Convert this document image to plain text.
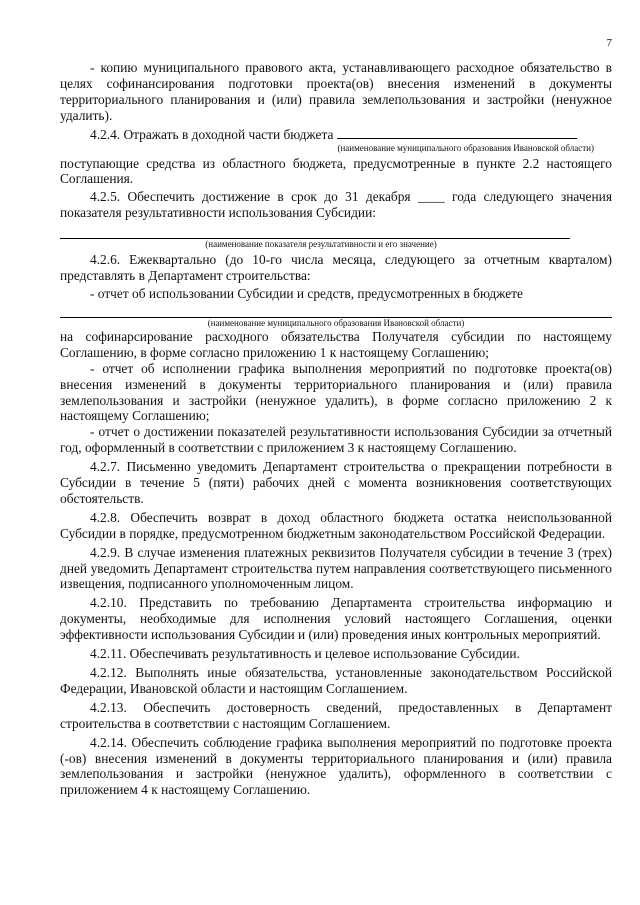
7

- копию муниципального правового акта, устанавливающего расходное обязательство в целях софинансирования подготовки проекта(ов) внесения изменений в документы территориального планирования и (или) правила землепользования и застройки (ненужное удалить).

4.2.4. Отражать в доходной части бюджета

(наименование муниципального образования Ивановской области)

поступающие средства из областного бюджета, предусмотренные в пункте 2.2 настоящего Соглашения.

4.2.5. Обеспечить достижение в срок до 31 декабря ____ года следующего значения показателя результативности использования Субсидии:

(наименование показателя результативности и его значение)

4.2.6. Ежеквартально (до 10-го числа месяца, следующего за отчетным кварталом) представлять в Департамент строительства:

- отчет об использовании Субсидии и средств, предусмотренных в бюджете

(наименование муниципального образования Ивановской области)

на софинарсирование расходного обязательства Получателя субсидии по настоящему Соглашению, в форме согласно приложению 1 к настоящему Соглашению;

- отчет об исполнении графика выполнения мероприятий по подготовке проекта(ов) внесения изменений в документы территориального планирования и (или) правила землепользования и застройки (ненужное удалить), в форме согласно приложению 2 к настоящему Соглашению;

- отчет о достижении показателей результативности использования Субсидии за отчетный год, оформленный в соответствии с приложением 3 к настоящему Соглашению.

4.2.7. Письменно уведомить Департамент строительства о прекращении потребности в Субсидии в течение 5 (пяти) рабочих дней с момента возникновения соответствующих обстоятельств.

4.2.8. Обеспечить возврат в доход областного бюджета остатка неиспользованной Субсидии в порядке, предусмотренном бюджетным законодательством Российской Федерации.

4.2.9. В случае изменения платежных реквизитов Получателя субсидии в течение 3 (трех) дней уведомить Департамент строительства путем направления соответствующего письменного извещения, подписанного уполномоченным лицом.

4.2.10. Представить по требованию Департамента строительства информацию и документы, необходимые для исполнения условий настоящего Соглашения, оценки эффективности использования Субсидии и (или) проведения иных контрольных мероприятий.

4.2.11. Обеспечивать результативность и целевое использование Субсидии.

4.2.12. Выполнять иные обязательства, установленные законодательством Российской Федерации, Ивановской области и настоящим Соглашением.

4.2.13. Обеспечить достоверность сведений, предоставленных в Департамент строительства в соответствии с настоящим Соглашением.

4.2.14. Обеспечить соблюдение графика выполнения мероприятий по подготовке проекта (-ов) внесения изменений в документы территориального планирования и (или) правила землепользования и застройки (ненужное удалить), оформленного в соответствии с приложением 4 к настоящему Соглашению.
